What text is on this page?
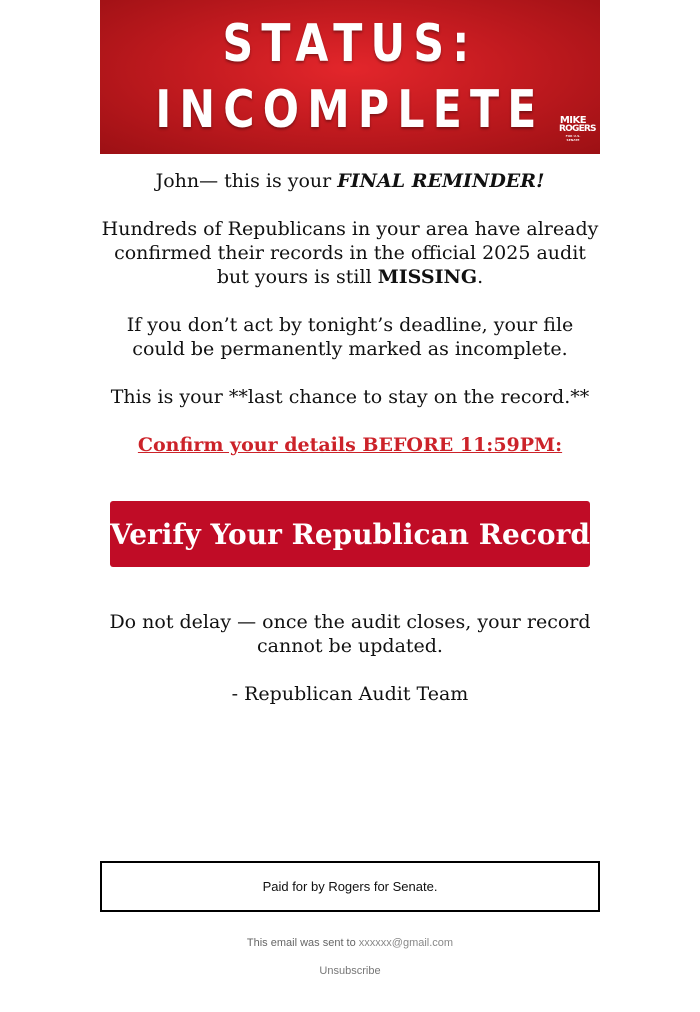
STATUS:
INCOMPLETE	MIKE
ROGERS
FOR U.S. SENATE
John— this is your FINAL REMINDER!
Hundreds of Republicans in your area have already confirmed their records in the official 2025 audit but yours is still MISSING.
If you don’t act by tonight’s deadline, your file could be permanently marked as incomplete.
This is your **last chance to stay on the record.**
Confirm your details BEFORE 11:59PM:
Verify Your Republican Record
Do not delay — once the audit closes, your record cannot be updated.
- Republican Audit Team
Paid for by Rogers for Senate.
This email was sent to xxxxxx@gmail.com
Unsubscribe
